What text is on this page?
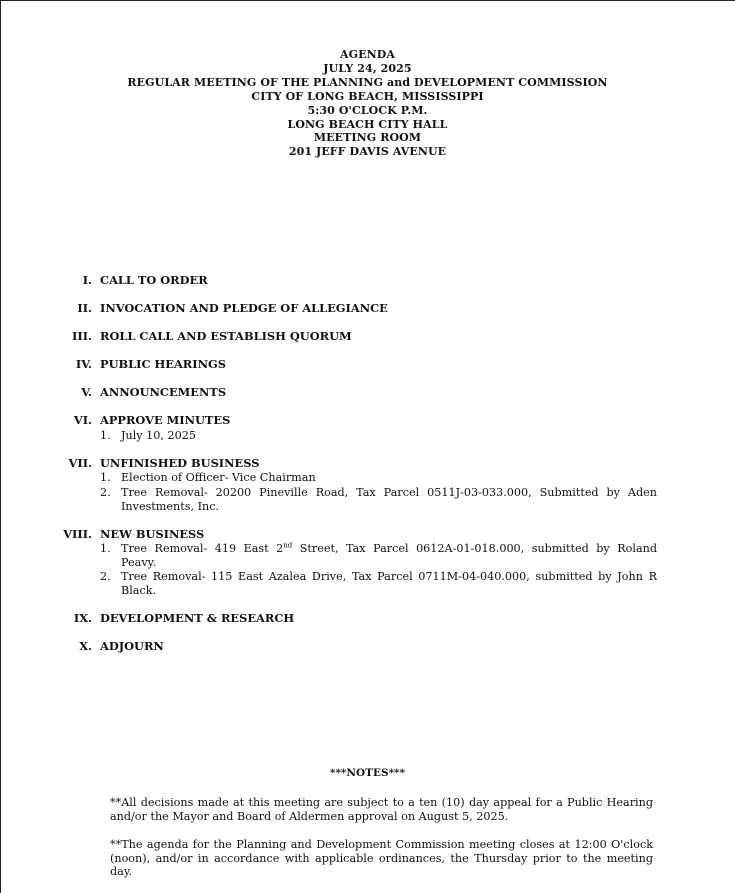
AGENDA
JULY 24, 2025
REGULAR MEETING OF THE PLANNING and DEVELOPMENT COMMISSION
CITY OF LONG BEACH, MISSISSIPPI
5:30 O'CLOCK P.M.
LONG BEACH CITY HALL
MEETING ROOM
201 JEFF DAVIS AVENUE
I. CALL TO ORDER
II. INVOCATION AND PLEDGE OF ALLEGIANCE
III. ROLL CALL AND ESTABLISH QUORUM
IV. PUBLIC HEARINGS
V. ANNOUNCEMENTS
VI. APPROVE MINUTES
1. July 10, 2025
VII. UNFINISHED BUSINESS
1. Election of Officer- Vice Chairman
2. Tree Removal- 20200 Pineville Road, Tax Parcel 0511J-03-033.000, Submitted by Aden
Investments, Inc.
VIII. NEW BUSINESS
1. Tree Removal- 419 East 2nd Street, Tax Parcel 0612A-01-018.000, submitted by Roland
Peavy.
2. Tree Removal- 115 East Azalea Drive, Tax Parcel 0711M-04-040.000, submitted by John R
Black.
IX. DEVELOPMENT & RESEARCH
X. ADJOURN
***NOTES***
**All decisions made at this meeting are subject to a ten (10) day appeal for a Public Hearing
and/or the Mayor and Board of Aldermen approval on August 5, 2025.
**The agenda for the Planning and Development Commission meeting closes at 12:00 O'clock
(noon), and/or in accordance with applicable ordinances, the Thursday prior to the meeting
day.
